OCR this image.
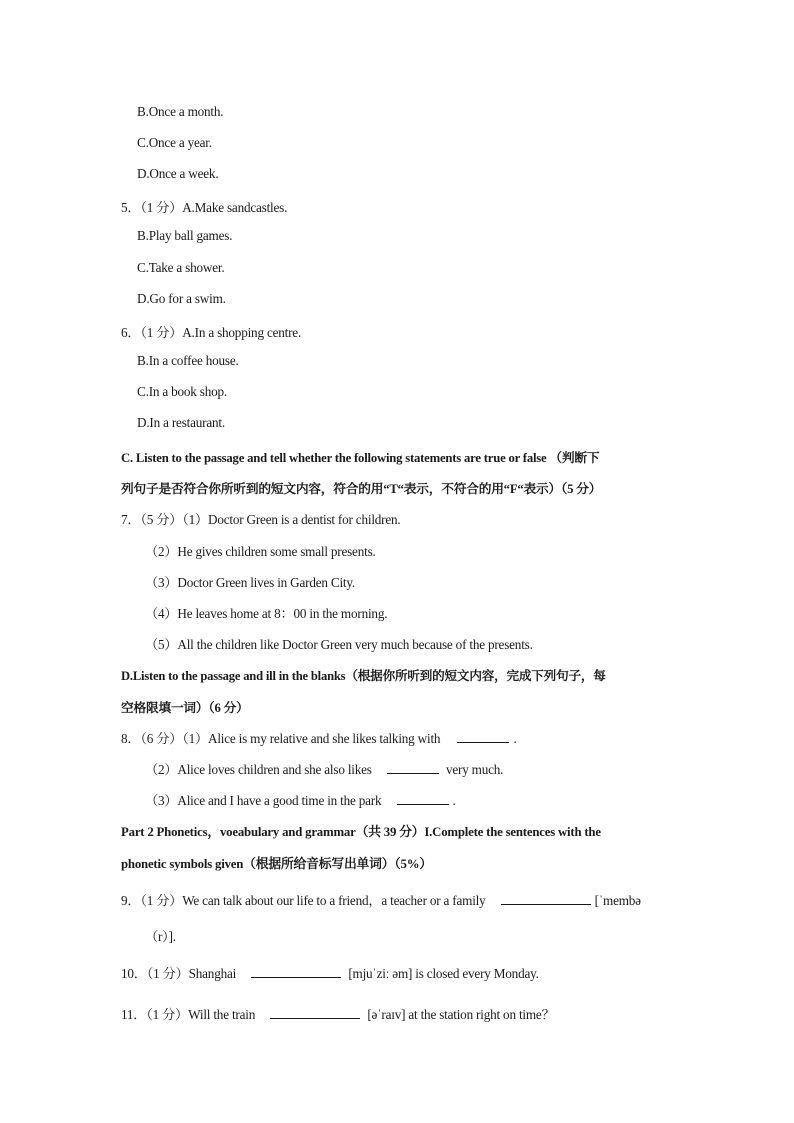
B.Once a month.
C.Once a year.
D.Once a week.
5．（1 分）A.Make sandcastles.
B.Play ball games.
C.Take a shower.
D.Go for a swim.
6．（1 分）A.In a shopping centre.
B.In a coffee house.
C.In a book shop.
D.In a restaurant.
C. Listen to the passage and tell whether the following statements are true or false （判断下
列句子是否符合你所听到的短文内容，符合的用“T“表示，不符合的用“F“表示）（5 分）
7．（5 分）（1）Doctor Green is a dentist for children.
（2）He gives children some small presents.
（3）Doctor Green lives in Garden City.
（4）He leaves home at 8：00 in the morning.
（5）All the children like Doctor Green very much because of the presents.
D.Listen to the passage and ill in the blanks（根据你所听到的短文内容，完成下列句子，每
空格限填一词）（6 分）
8．（6 分）（1）Alice is my relative and she likes talking with	.
（2）Alice loves children and she also likes	very much.
（3）Alice and I have a good time in the park	.
Part 2 Phonetics，voeabulary and grammar（共 39 分）I.Complete the sentences with the
phonetic symbols given（根据所给音标写出单词）（5%）
9．（1 分）We can talk about our life to a friend，a teacher or a family	[ˈmembə
（r）].
10．（1 分）Shanghai	[mjuˈziː əm] is closed every Monday.
11．（1 分）Will the train	[əˈraɪv] at the station right on time？
